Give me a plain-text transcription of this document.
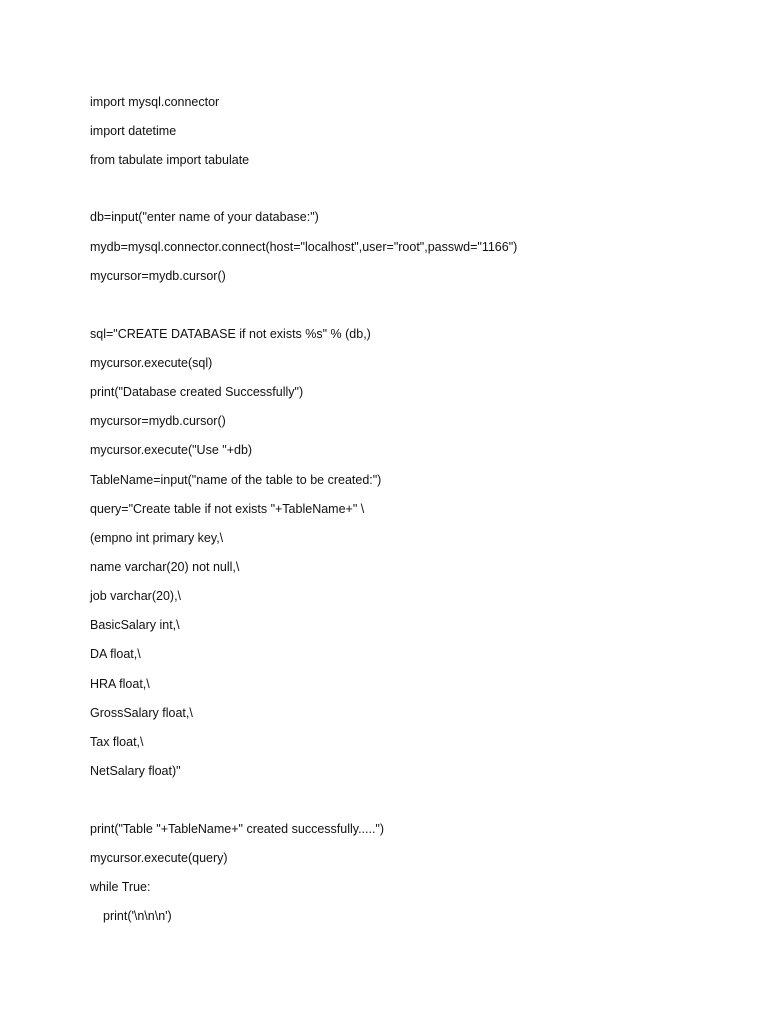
import mysql.connector

import datetime

from tabulate import tabulate

db=input("enter name of your database:")

mydb=mysql.connector.connect(host="localhost",user="root",passwd="1166")

mycursor=mydb.cursor()

sql="CREATE DATABASE if not exists %s" % (db,)

mycursor.execute(sql)

print("Database created Successfully")

mycursor=mydb.cursor()

mycursor.execute("Use "+db)

TableName=input("name of the table to be created:")

query="Create table if not exists "+TableName+" \

(empno int primary key,\

name varchar(20) not null,\

job varchar(20),\

BasicSalary int,\

DA float,\

HRA float,\

GrossSalary float,\

Tax float,\

NetSalary float)"

print("Table "+TableName+" created successfully.....")

mycursor.execute(query)

while True:

print('\n\n\n')
